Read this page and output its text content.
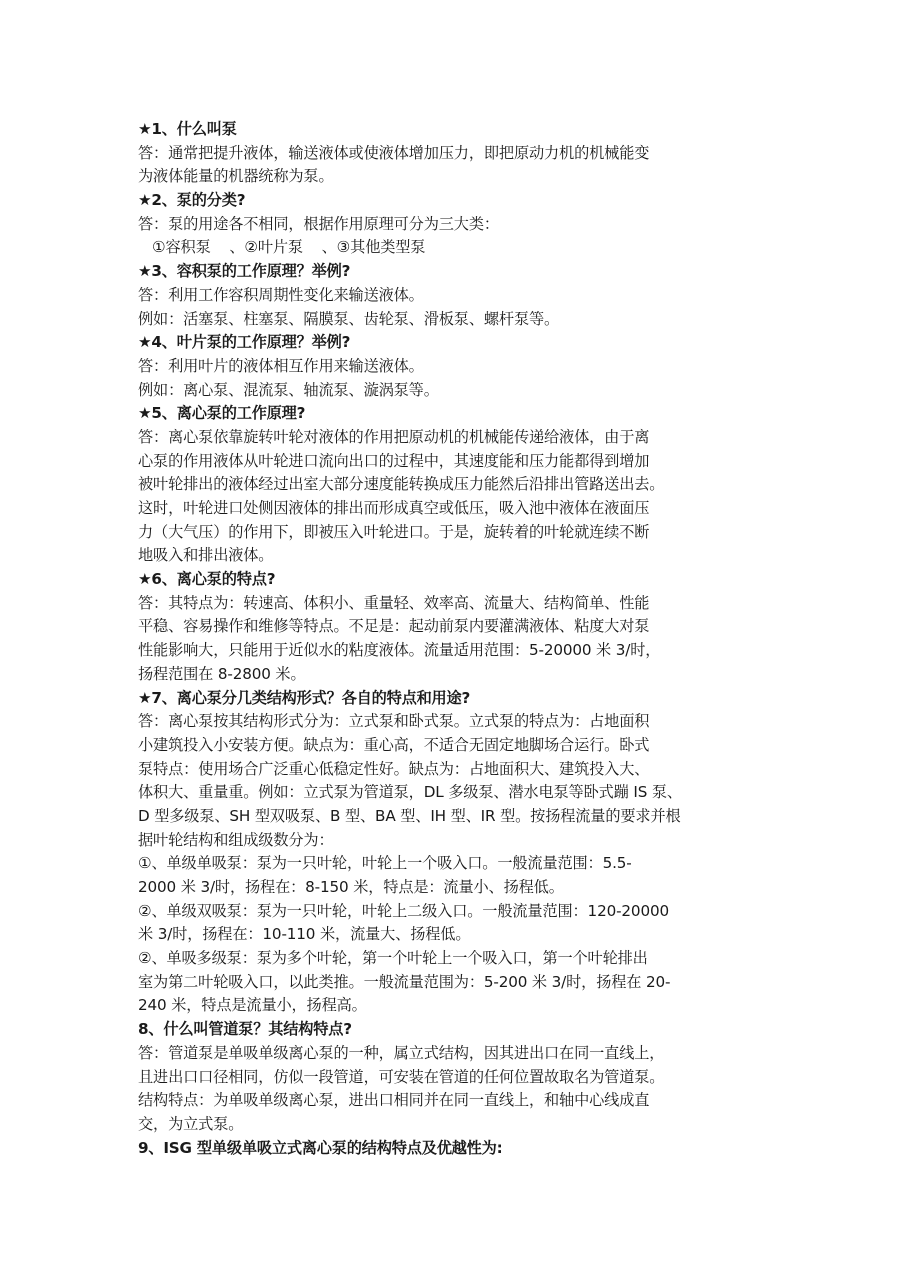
★1、什么叫泵
答：通常把提升液体，输送液体或使液体增加压力，即把原动力机的机械能变
为液体能量的机器统称为泵。
★2、泵的分类?
答：泵的用途各不相同，根据作用原理可分为三大类：
①容积泵    、②叶片泵    、③其他类型泵
★3、容积泵的工作原理？举例?
答：利用工作容积周期性变化来输送液体。
例如：活塞泵、柱塞泵、隔膜泵、齿轮泵、滑板泵、螺杆泵等。
★4、叶片泵的工作原理？举例?
答：利用叶片的液体相互作用来输送液体。
例如：离心泵、混流泵、轴流泵、漩涡泵等。
★5、离心泵的工作原理?
答：离心泵依靠旋转叶轮对液体的作用把原动机的机械能传递给液体，由于离
心泵的作用液体从叶轮进口流向出口的过程中，其速度能和压力能都得到增加
被叶轮排出的液体经过出室大部分速度能转换成压力能然后沿排出管路送出去。
这时，叶轮进口处侧因液体的排出而形成真空或低压，吸入池中液体在液面压
力（大气压）的作用下，即被压入叶轮进口。于是，旋转着的叶轮就连续不断
地吸入和排出液体。
★6、离心泵的特点?
答：其特点为：转速高、体积小、重量轻、效率高、流量大、结构简单、性能
平稳、容易操作和维修等特点。不足是：起动前泵内要灌满液体、粘度大对泵
性能影响大，只能用于近似水的粘度液体。流量适用范围：5-20000 米 3/时，
扬程范围在 8-2800 米。
★7、离心泵分几类结构形式？各自的特点和用途?
答：离心泵按其结构形式分为：立式泵和卧式泵。立式泵的特点为：占地面积
小建筑投入小安装方便。缺点为：重心高，不适合无固定地脚场合运行。卧式
泵特点：使用场合广泛重心低稳定性好。缺点为：占地面积大、建筑投入大、
体积大、重量重。例如：立式泵为管道泵，DL 多级泵、潜水电泵等卧式蹦 IS 泵、
D 型多级泵、SH 型双吸泵、B 型、BA 型、IH 型、IR 型。按扬程流量的要求并根
据叶轮结构和组成级数分为：
①、单级单吸泵：泵为一只叶轮，叶轮上一个吸入口。一般流量范围：5.5-
2000 米 3/时，扬程在：8-150 米，特点是：流量小、扬程低。
②、单级双吸泵：泵为一只叶轮，叶轮上二级入口。一般流量范围：120-20000
米 3/时，扬程在：10-110 米，流量大、扬程低。
②、单吸多级泵：泵为多个叶轮，第一个叶轮上一个吸入口，第一个叶轮排出
室为第二叶轮吸入口，以此类推。一般流量范围为：5-200 米 3/时，扬程在 20-
240 米，特点是流量小，扬程高。
8、什么叫管道泵？其结构特点?
答：管道泵是单吸单级离心泵的一种，属立式结构，因其进出口在同一直线上，
且进出口口径相同，仿似一段管道，可安装在管道的任何位置故取名为管道泵。
结构特点：为单吸单级离心泵，进出口相同并在同一直线上，和轴中心线成直
交，为立式泵。
9、ISG 型单级单吸立式离心泵的结构特点及优越性为:
